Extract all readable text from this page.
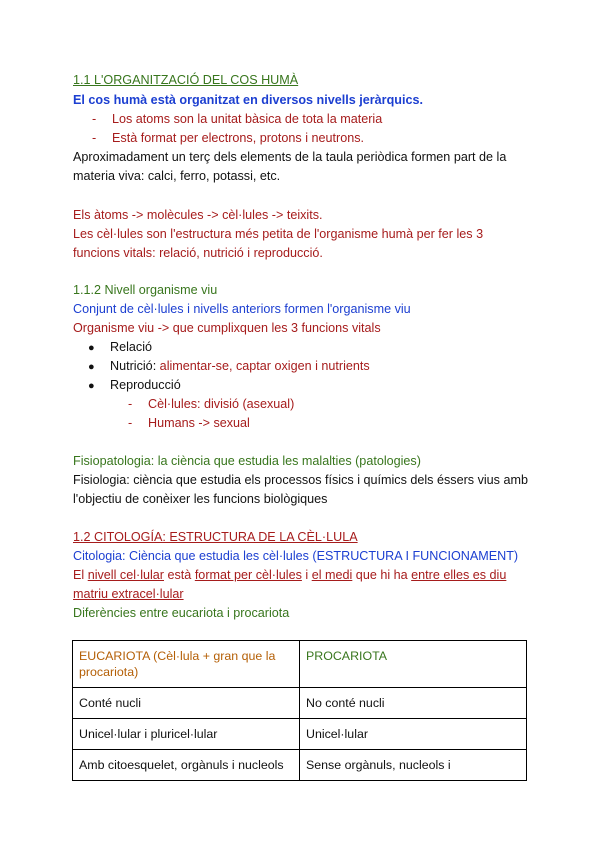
1.1 L'ORGANITZACIÓ DEL COS HUMÀ
El cos humà està organitzat en diversos nivells jeràrquics.
- Los atoms son la unitat bàsica de tota la materia
- Està format per electrons, protons i neutrons.
Aproximadament un terç dels elements de la taula periòdica formen part de la
materia viva: calci, ferro, potassi, etc.
Els àtoms -> molècules -> cèl·lules -> teixits.
Les cèl·lules son l'estructura més petita de l'organisme humà per fer les 3
funcions vitals: relació, nutrició i reproducció.
1.1.2 Nivell organisme viu
Conjunt de cèl·lules i nivells anteriors formen l'organisme viu
Organisme viu -> que cumplixquen les 3 funcions vitals
● Relació
● Nutrició: alimentar-se, captar oxigen i nutrients
● Reproducció
- Cèl·lules: divisió (asexual)
- Humans -> sexual
Fisiopatologia: la ciència que estudia les malalties (patologies)
Fisiologia: ciència que estudia els processos físics i químics dels éssers vius amb
l'objectiu de conèixer les funcions biològiques
1.2 CITOLOGÍA: ESTRUCTURA DE LA CÈL·LULA
Citologia: Ciència que estudia les cèl·lules (ESTRUCTURA I FUNCIONAMENT)
El nivell cel·lular està format per cèl·lules i el medi que hi ha entre elles es diu
matriu extracel·lular
Diferències entre eucariota i procariota
EUCARIOTA (Cèl·lula + gran que la procariota)	PROCARIOTA
Conté nucli	No conté nucli
Unicel·lular i pluricel·lular	Unicel·lular
Amb citoesquelet, orgànuls i nucleols	Sense orgànuls, nucleols i
